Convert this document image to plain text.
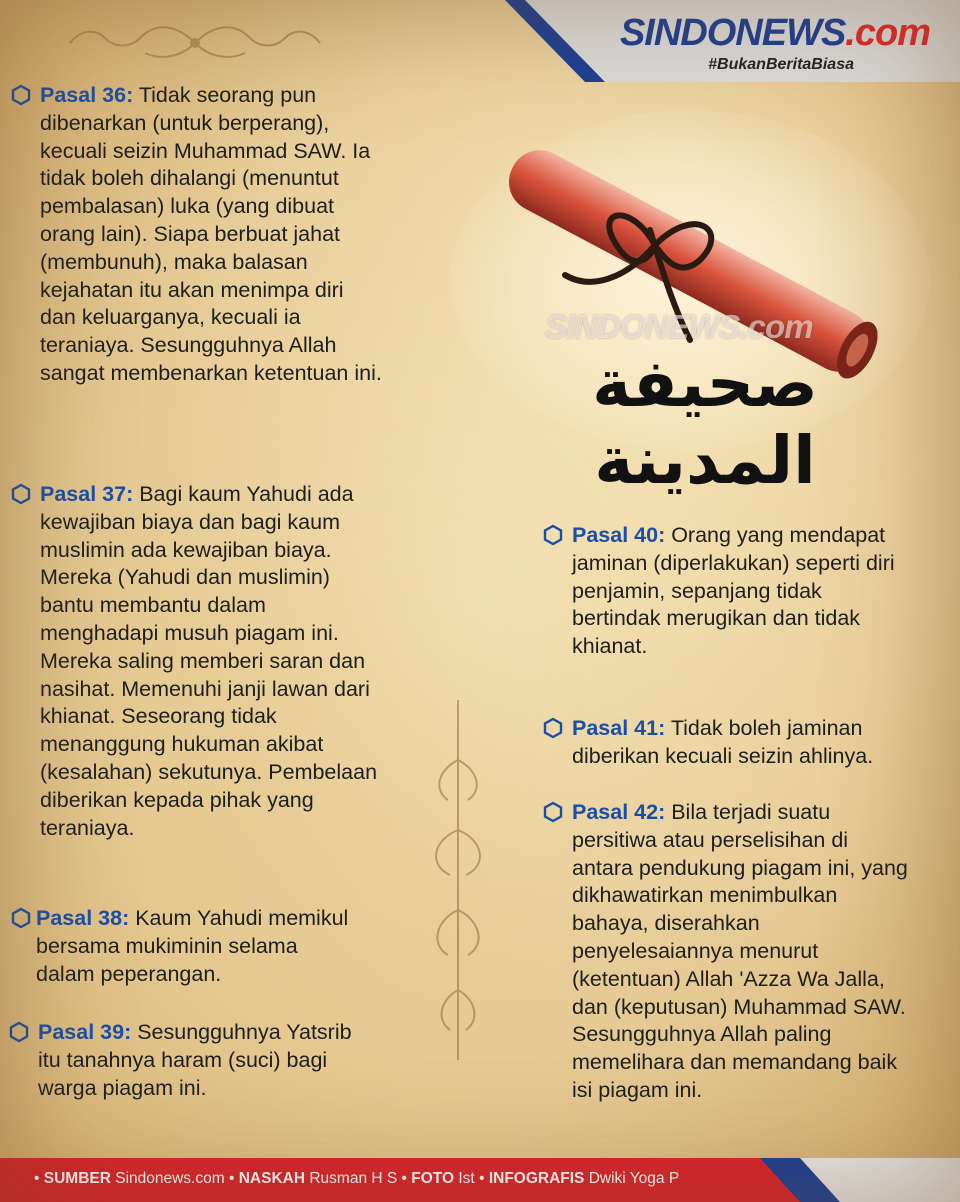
SINDONEWS.com
#BukanBeritaBiasa
SINDONEWS.com
صحيفة المدينة
Pasal 36: Tidak seorang pun dibenarkan (untuk berperang), kecuali seizin Muhammad SAW. Ia tidak boleh dihalangi (menuntut pembalasan) luka (yang dibuat orang lain). Siapa berbuat jahat (membunuh), maka balasan kejahatan itu akan menimpa diri dan keluarganya, kecuali ia teraniaya. Sesungguhnya Allah sangat membenarkan ketentuan ini.
Pasal 37: Bagi kaum Yahudi ada kewajiban biaya dan bagi kaum muslimin ada kewajiban biaya. Mereka (Yahudi dan muslimin) bantu membantu dalam menghadapi musuh piagam ini. Mereka saling memberi saran dan nasihat. Memenuhi janji lawan dari khianat. Seseorang tidak menanggung hukuman akibat (kesalahan) sekutunya. Pembelaan diberikan kepada pihak yang teraniaya.
Pasal 38: Kaum Yahudi memikul bersama mukiminin selama dalam peperangan.
Pasal 39: Sesungguhnya Yatsrib itu tanahnya haram (suci) bagi warga piagam ini.
Pasal 40: Orang yang mendapat jaminan (diperlakukan) seperti diri penjamin, sepanjang tidak bertindak merugikan dan tidak khianat.
Pasal 41: Tidak boleh jaminan diberikan kecuali seizin ahlinya.
Pasal 42: Bila terjadi suatu persitiwa atau perselisihan di antara pendukung piagam ini, yang dikhawatirkan menimbulkan bahaya, diserahkan penyelesaiannya menurut (ketentuan) Allah 'Azza Wa Jalla, dan (keputusan) Muhammad SAW. Sesungguhnya Allah paling memelihara dan memandang baik isi piagam ini.
• SUMBER Sindonews.com • NASKAH Rusman H S • FOTO Ist • INFOGRAFIS Dwiki Yoga P
